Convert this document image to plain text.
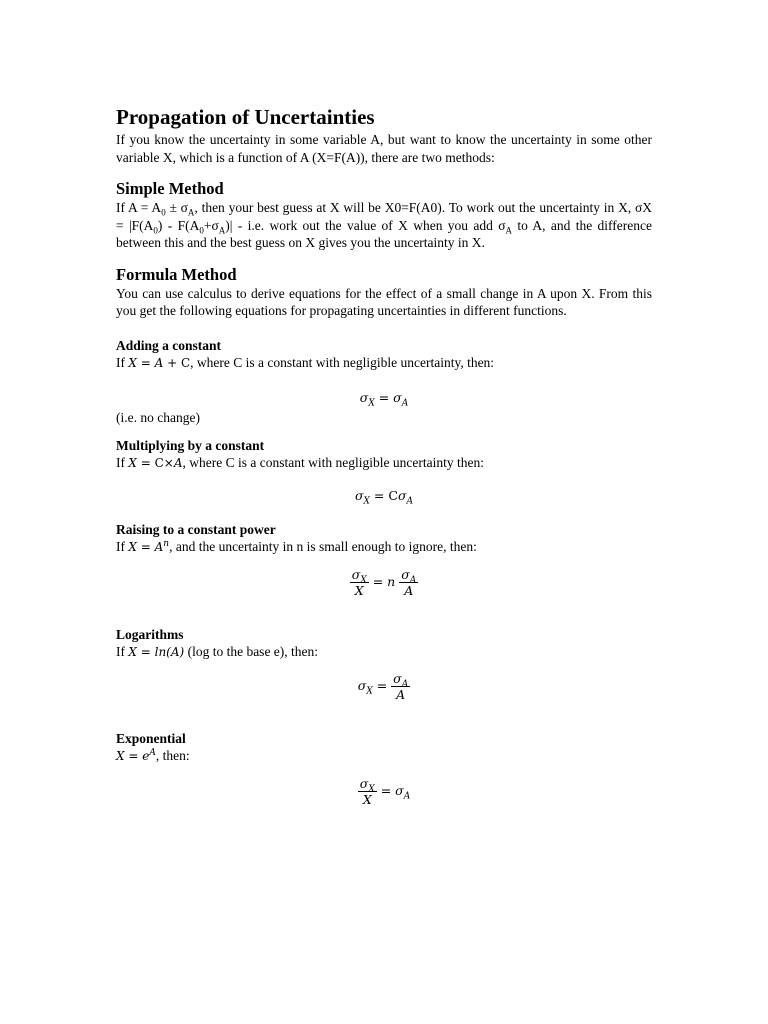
Propagation of Uncertainties

If you know the uncertainty in some variable A, but want to know the uncertainty in some other variable X, which is a function of A (X=F(A)), there are two methods:

Simple Method

If $A = A_0 \pm \sigma_A$, then your best guess at X will be X0=F(A0). To work out the uncertainty in X, $\sigma X = |F(A_0) - F(A_0+\sigma_A)| - i.e$. work out the value of X when you add $\sigma_A$ to A, and the difference between this and the best guess on X gives you the uncertainty in X.

Formula Method

You can use calculus to derive equations for the effect of a small change in A upon X. From this you get the following equations for propagating uncertainties in different functions.

Adding a constant

If X = A + C, where C is a constant with negligible uncertainty, then:

$\sigma_X = \sigma_A$

(i.e. no change)

Multiplying by a constant

If X = C×A, where C is a constant with negligible uncertainty then:

$\sigma_X = C\sigma_A$
Raising to a constant power

If $X = A^n$, and the uncertainty in n is small enough to ignore, then:

$\frac{\sigma_X}{X} = n \frac{\sigma_A}{A}$
Logarithms

If X = ln(A) (log to the base e), then:

$\sigma_X = \frac{\sigma_A}{A}$
Exponential

$X = e^A$, then:

$\frac{\sigma_X}{X} = \sigma_A$
